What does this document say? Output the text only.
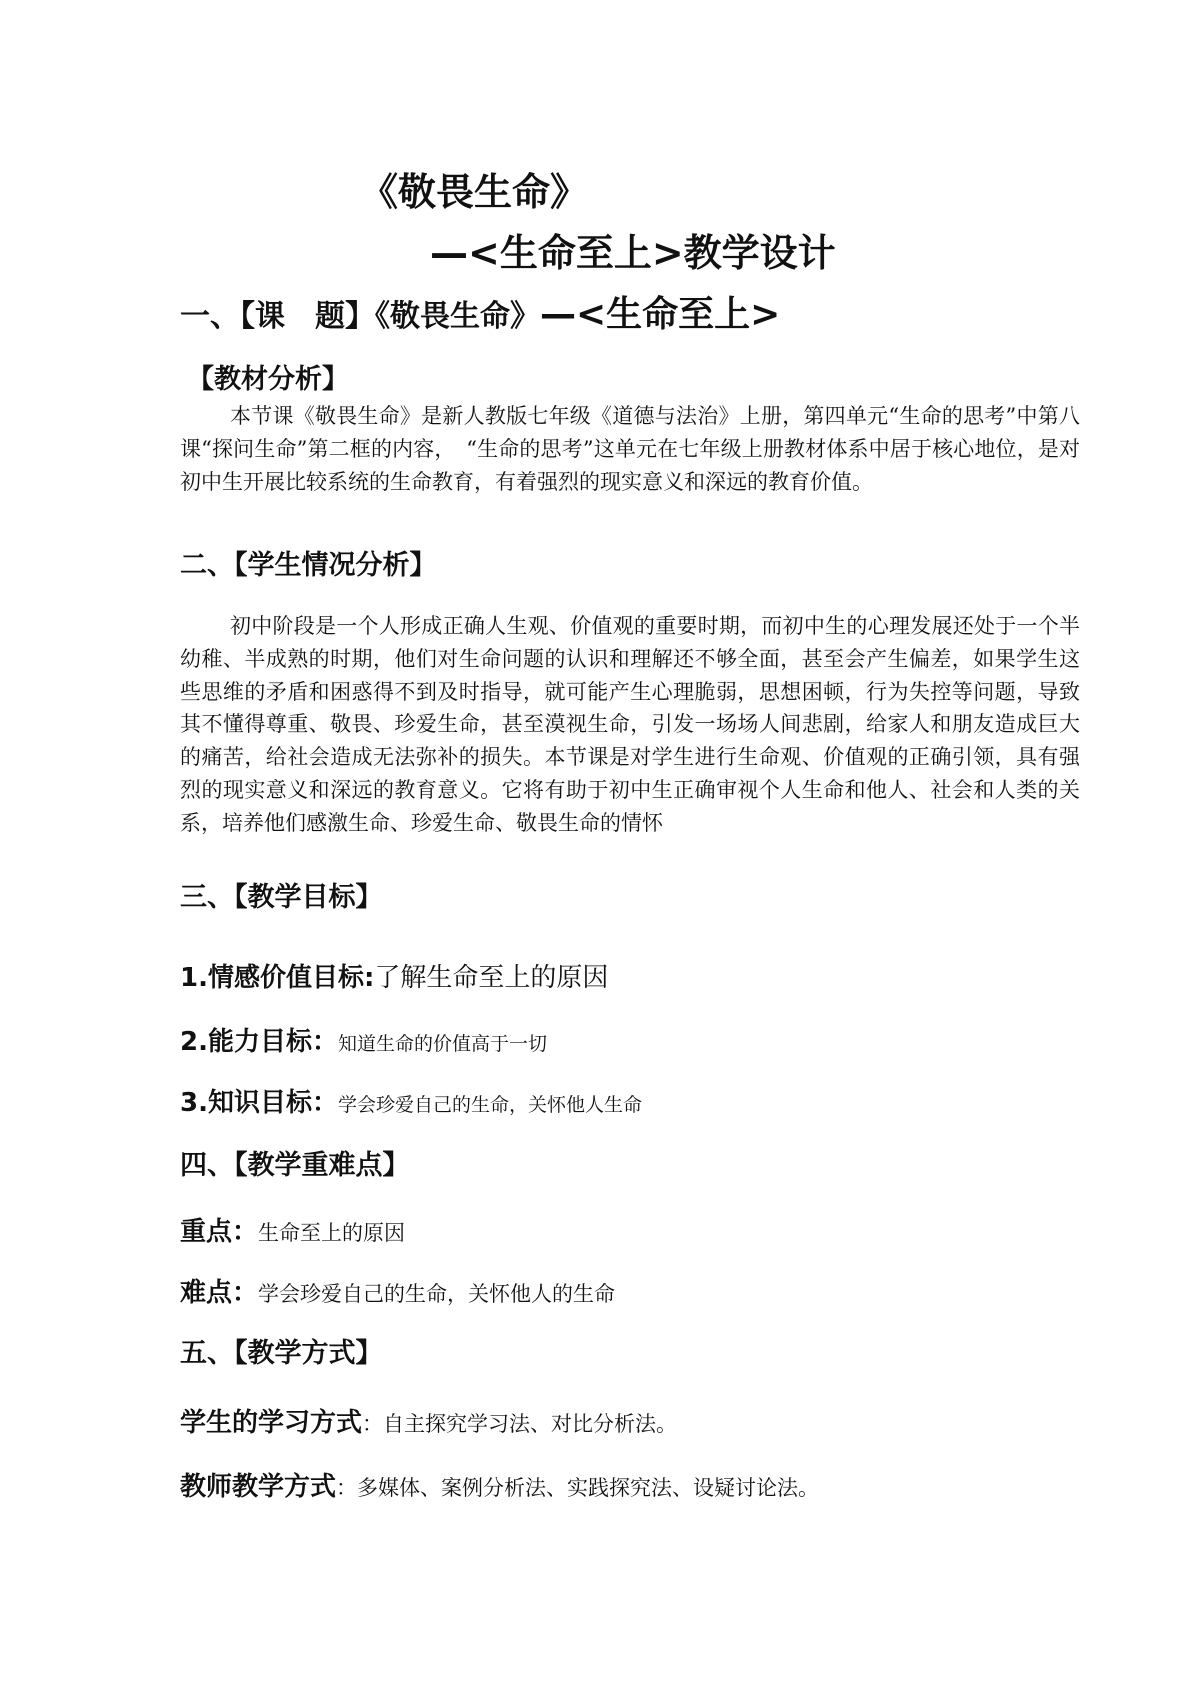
《敬畏生命》
—<生命至上>教学设计
一、【课　题】《敬畏生命》—<生命至上>
【教材分析】
本节课《敬畏生命》是新人教版七年级《道德与法治》上册，第四单元“生命的思考”中第八课“探问生命”第二框的内容，　“生命的思考”这单元在七年级上册教材体系中居于核心地位，是对初中生开展比较系统的生命教育，有着强烈的现实意义和深远的教育价值。
二、【学生情况分析】
初中阶段是一个人形成正确人生观、价值观的重要时期，而初中生的心理发展还处于一个半幼稚、半成熟的时期，他们对生命问题的认识和理解还不够全面，甚至会产生偏差，如果学生这些思维的矛盾和困惑得不到及时指导，就可能产生心理脆弱，思想困顿，行为失控等问题，导致其不懂得尊重、敬畏、珍爱生命，甚至漠视生命，引发一场场人间悲剧，给家人和朋友造成巨大的痛苦，给社会造成无法弥补的损失。本节课是对学生进行生命观、价值观的正确引领，具有强烈的现实意义和深远的教育意义。它将有助于初中生正确审视个人生命和他人、社会和人类的关系，培养他们感激生命、珍爱生命、敬畏生命的情怀
三、【教学目标】
1.情感价值目标:了解生命至上的原因
2.能力目标：知道生命的价值高于一切
3.知识目标：学会珍爱自己的生命，关怀他人生命
四、【教学重难点】
重点：生命至上的原因
难点：学会珍爱自己的生命，关怀他人的生命
五、【教学方式】
学生的学习方式：自主探究学习法、对比分析法。
教师教学方式：多媒体、案例分析法、实践探究法、设疑讨论法。
